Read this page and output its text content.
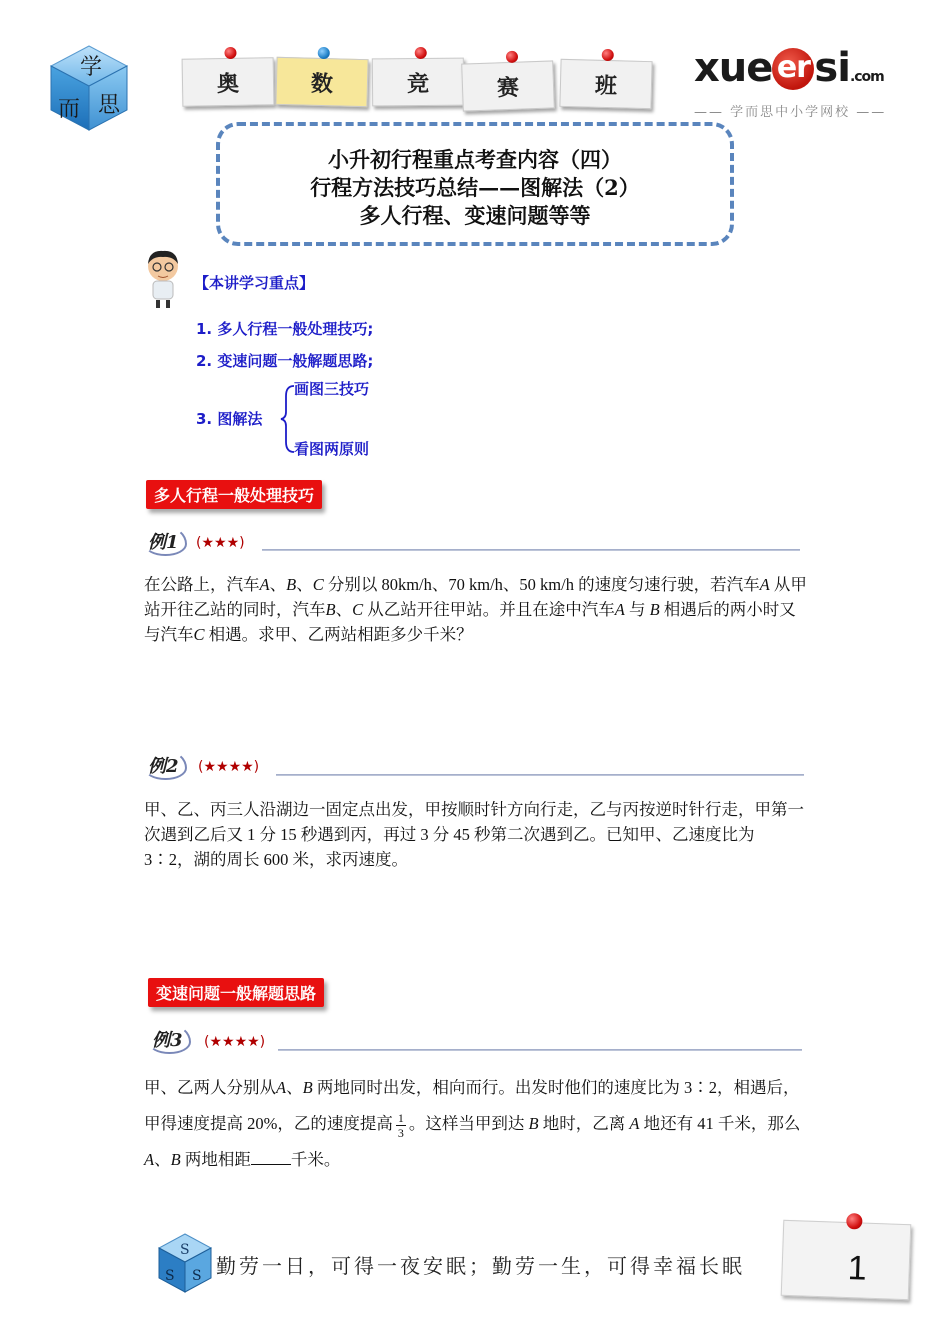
学
而 思
奥	数	竞	赛	班 xue er si.com
—— 学而思中小学网校 ——
小升初行程重点考查内容（四）
行程方法技巧总结——图解法（2）
多人行程、变速问题等等
【本讲学习重点】
1. 多人行程一般处理技巧;
2. 变速问题一般解题思路;
3. 图解法
画图三技巧
看图两原则
多人行程一般处理技巧
例1	(★★★)
在公路上，汽车A、B、C 分别以 80km/h、70 km/h、50 km/h 的速度匀速行驶，若汽车A 从甲站开往乙站的同时，汽车B、C 从乙站开往甲站。并且在途中汽车A 与 B 相遇后的两小时又与汽车C 相遇。求甲、乙两站相距多少千米？
例2	(★★★★)
甲、乙、丙三人沿湖边一固定点出发，甲按顺时针方向行走，乙与丙按逆时针行走，甲第一次遇到乙后又 1 分 15 秒遇到丙，再过 3 分 45 秒第二次遇到乙。已知甲、乙速度比为 3∶2，湖的周长 600 米，求丙速度。
变速问题一般解题思路
例3	(★★★★)
甲、乙两人分别从A、B 两地同时出发，相向而行。出发时他们的速度比为 3∶2，相遇后，甲得速度提高 20%，乙的速度提高 $\frac{1}{3}$ 。这样当甲到达 B 地时，乙离 A 地还有 41 千米，那么 A、B 两地相距 千米。
S
S S 勤劳一日，可得一夜安眠；勤劳一生，可得幸福长眠	1
